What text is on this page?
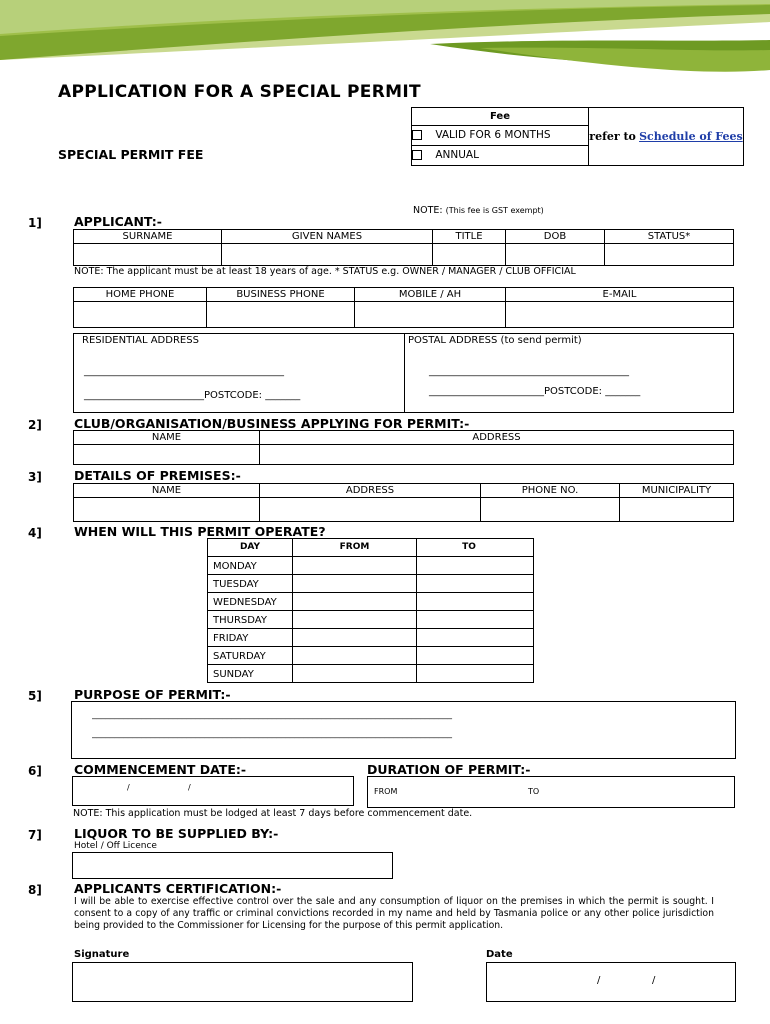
APPLICATION FOR A SPECIAL PERMIT
Fee	refer to Schedule of Fees
VALID FOR 6 MONTHS
ANNUAL
SPECIAL PERMIT FEE
NOTE: (This fee is GST exempt)
1]	APPLICANT:-
SURNAME	GIVEN NAMES	TITLE	DOB	STATUS*

NOTE: The applicant must be at least 18 years of age. * STATUS e.g. OWNER / MANAGER / CLUB OFFICIAL
HOME PHONE	BUSINESS PHONE	MOBILE / AH	E-MAIL

RESIDENTIAL ADDRESS
________________________________________
________________________POSTCODE: _______

POSTAL ADDRESS (to send permit)
________________________________________
_______________________POSTCODE: _______
2]	CLUB/ORGANISATION/BUSINESS APPLYING FOR PERMIT:-
NAME	ADDRESS

3]	DETAILS OF PREMISES:-
NAME	ADDRESS	PHONE NO.	MUNICIPALITY

4]	WHEN WILL THIS PERMIT OPERATE?
DAY	FROM	TO
MONDAY		
TUESDAY		
WEDNESDAY		
THURSDAY		
FRIDAY		
SATURDAY		
SUNDAY		
5]	PURPOSE OF PERMIT:-
________________________________________________________________________________
________________________________________________________________________________
6]	COMMENCEMENT DATE:-	DURATION OF PERMIT:-
/	/	FROM	TO
NOTE: This application must be lodged at least 7 days before commencement date.
7]	LIQUOR TO BE SUPPLIED BY:-
Hotel / Off Licence
8]	APPLICANTS CERTIFICATION:-
I will be able to exercise effective control over the sale and any consumption of liquor on the premises in which the permit is sought. I consent to a copy of any traffic or criminal convictions recorded in my name and held by Tasmania police or any other police jurisdiction being provided to the Commissioner for Licensing for the purpose of this permit application.
Signature	Date
/	/
